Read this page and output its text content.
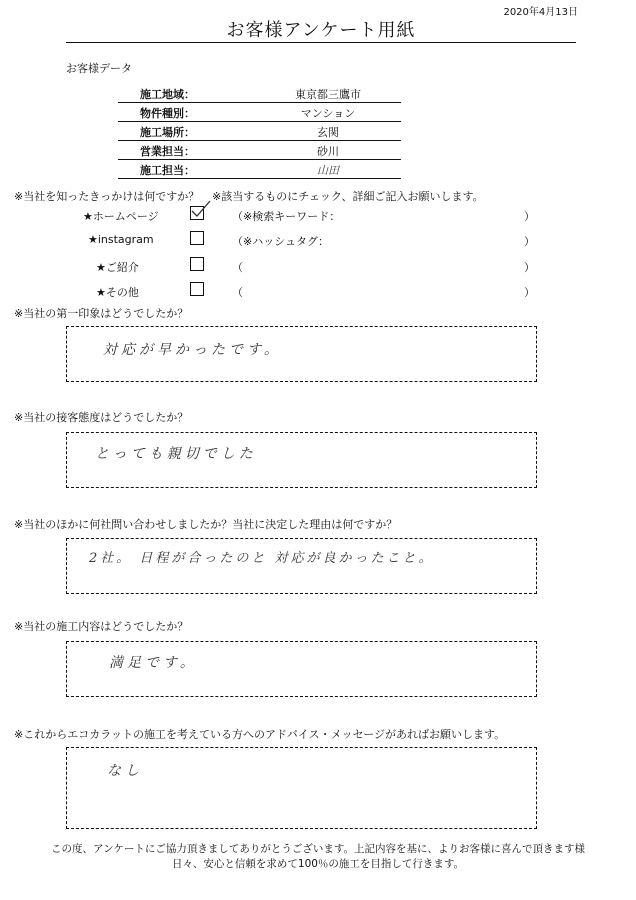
2020年4月13日
お客様アンケート用紙
お客様データ
施工地域：	東京都三鷹市
物件種別：	マンション
施工場所：	玄関
営業担当：	砂川
施工担当：	山田
※当社を知ったきっかけは何ですか？ ※該当するものにチェック、詳細ご記入お願いします。
★ホームページ	（※検索キーワード：	）
★instagram	（※ハッシュタグ：	）
★ご紹介	（	）
★その他	（	）
※当社の第一印象はどうでしたか？
対応が早かったです。
※当社の接客態度はどうでしたか？
とっても親切でした
※当社のほかに何社問い合わせしましたか？当社に決定した理由は何ですか？
2社。 日程が合ったのと 対応が良かったこと。
※当社の施工内容はどうでしたか？
満足です。
※これからエコカラットの施工を考えている方へのアドバイス・メッセージがあればお願いします。
なし
この度、アンケートにご協力頂きましてありがとうございます。上記内容を基に、よりお客様に喜んで頂きます様
日々、安心と信頼を求めて100％の施工を目指して行きます。
